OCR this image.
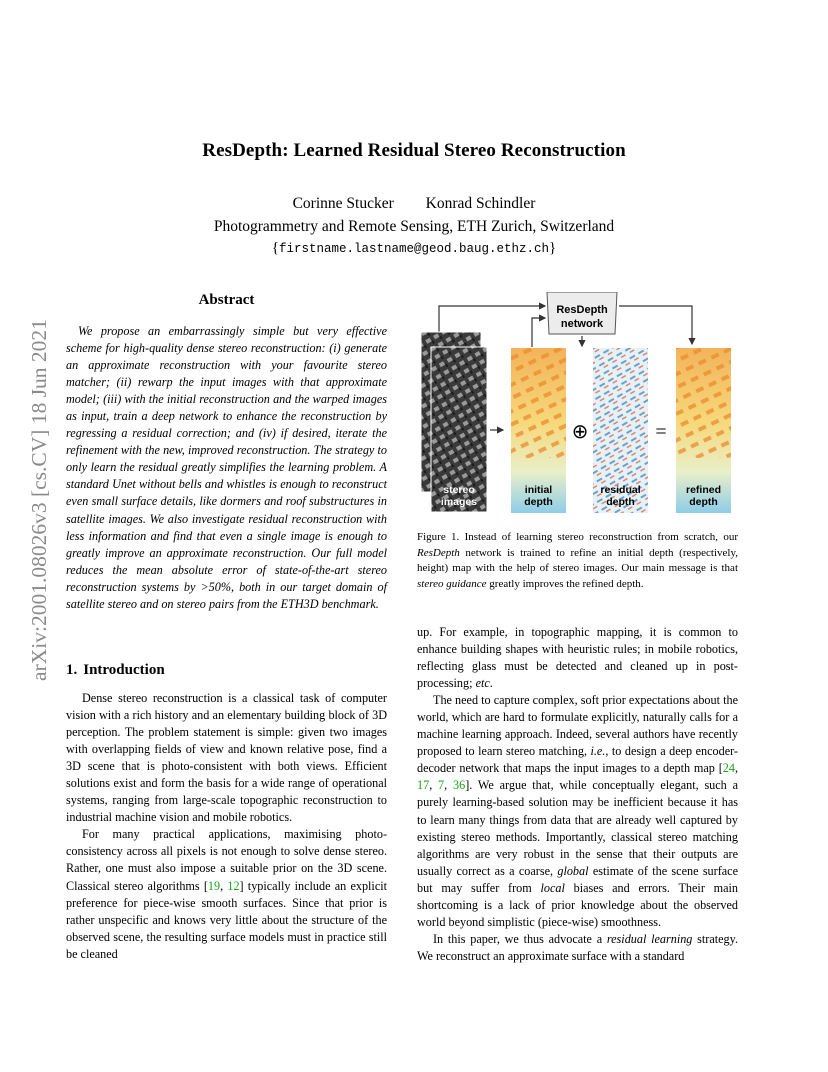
ResDepth: Learned Residual Stereo Reconstruction
Corinne Stucker Konrad Schindler
Photogrammetry and Remote Sensing, ETH Zurich, Switzerland
{firstname.lastname@geod.baug.ethz.ch}
arXiv:2001.08026v3 [cs.CV] 18 Jun 2021
Abstract
We propose an embarrassingly simple but very effective scheme for high-quality dense stereo reconstruction: (i) generate an approximate reconstruction with your favourite stereo matcher; (ii) rewarp the input images with that approximate model; (iii) with the initial reconstruction and the warped images as input, train a deep network to enhance the reconstruction by regressing a residual correction; and (iv) if desired, iterate the refinement with the new, improved reconstruction. The strategy to only learn the residual greatly simplifies the learning problem. A standard Unet without bells and whistles is enough to reconstruct even small surface details, like dormers and roof substructures in satellite images. We also investigate residual reconstruction with less information and find that even a single image is enough to greatly improve an approximate reconstruction. Our full model reduces the mean absolute error of state-of-the-art stereo reconstruction systems by >50%, both in our target domain of satellite stereo and on stereo pairs from the ETH3D benchmark.
ResDepth
network
⊕	=
stereo
images
initial
depth
residual
depth
refined
depth
Figure 1. Instead of learning stereo reconstruction from scratch, our ResDepth network is trained to refine an initial depth (respectively, height) map with the help of stereo images. Our main message is that stereo guidance greatly improves the refined depth.
1. Introduction
Dense stereo reconstruction is a classical task of computer vision with a rich history and an elementary building block of 3D perception. The problem statement is simple: given two images with overlapping fields of view and known relative pose, find a 3D scene that is photo-consistent with both views. Efficient solutions exist and form the basis for a wide range of operational systems, ranging from large-scale topographic reconstruction to industrial machine vision and mobile robotics.
For many practical applications, maximising photo-consistency across all pixels is not enough to solve dense stereo. Rather, one must also impose a suitable prior on the 3D scene. Classical stereo algorithms [19, 12] typically include an explicit preference for piece-wise smooth surfaces. Since that prior is rather unspecific and knows very little about the structure of the observed scene, the resulting surface models must in practice still be cleaned
up. For example, in topographic mapping, it is common to enhance building shapes with heuristic rules; in mobile robotics, reflecting glass must be detected and cleaned up in post-processing; etc.
The need to capture complex, soft prior expectations about the world, which are hard to formulate explicitly, naturally calls for a machine learning approach. Indeed, several authors have recently proposed to learn stereo matching, i.e., to design a deep encoder-decoder network that maps the input images to a depth map [24, 17, 7, 36]. We argue that, while conceptually elegant, such a purely learning-based solution may be inefficient because it has to learn many things from data that are already well captured by existing stereo methods. Importantly, classical stereo matching algorithms are very robust in the sense that their outputs are usually correct as a coarse, global estimate of the scene surface but may suffer from local biases and errors. Their main shortcoming is a lack of prior knowledge about the observed world beyond simplistic (piece-wise) smoothness.
In this paper, we thus advocate a residual learning strategy. We reconstruct an approximate surface with a standard
